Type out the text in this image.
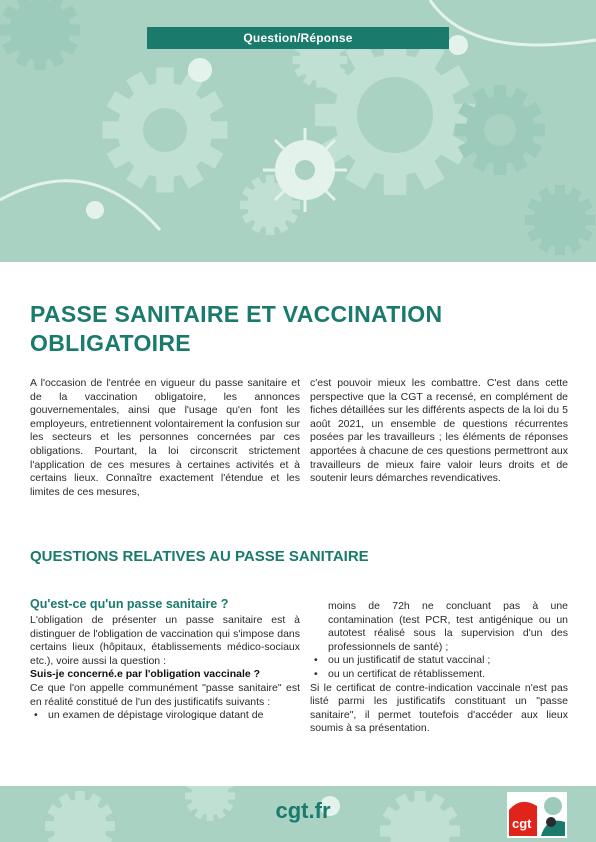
Question/Réponse
PASSE SANITAIRE ET VACCINATION OBLIGATOIRE

A l'occasion de l'entrée en vigueur du passe sanitaire et de la vaccination obligatoire, les annonces gouvernementales, ainsi que l'usage qu'en font les employeurs, entretiennent volontairement la confusion sur les secteurs et les personnes concernées par ces obligations. Pourtant, la loi circonscrit strictement l'application de ces mesures à certaines activités et à certains lieux. Connaître exactement l'étendue et les limites de ces mesures,

c'est pouvoir mieux les combattre. C'est dans cette perspective que la CGT a recensé, en complément de fiches détaillées sur les différents aspects de la loi du 5 août 2021, un ensemble de questions récurrentes posées par les travailleurs ; les éléments de réponses apportées à chacune de ces questions permettront aux travailleurs de mieux faire valoir leurs droits et de soutenir leurs démarches revendicatives.

QUESTIONS RELATIVES AU PASSE SANITAIRE
Qu'est-ce qu'un passe sanitaire ?

L'obligation de présenter un passe sanitaire est à distinguer de l'obligation de vaccination qui s'impose dans certains lieux (hôpitaux, établissements médico-sociaux etc.), voire aussi la question :

Suis-je concerné.e par l'obligation vaccinale ?

Ce que l'on appelle communément "passe sanitaire" est en réalité constitué de l'un des justificatifs suivants :

• un examen de dépistage virologique datant de

moins de 72h ne concluant pas à une contamination (test PCR, test antigénique ou un autotest réalisé sous la supervision d'un des professionnels de santé) ;

• ou un justificatif de statut vaccinal ;
• ou un certificat de rétablissement.

Si le certificat de contre-indication vaccinale n'est pas listé parmi les justificatifs constituant un "passe sanitaire", il permet toutefois d'accéder aux lieux soumis à sa présentation.

cgt.fr
cgt
